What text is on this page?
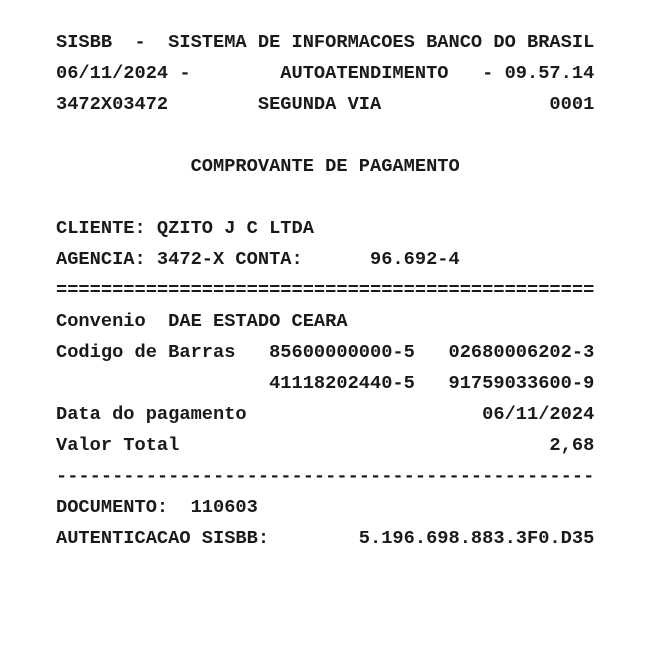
SISBB  -  SISTEMA DE INFORMACOES BANCO DO BRASIL
06/11/2024 -        AUTOATENDIMENTO   - 09.57.14
3472X03472        SEGUNDA VIA               0001
COMPROVANTE DE PAGAMENTO
CLIENTE: QZITO J C LTDA
AGENCIA: 3472-X CONTA:      96.692-4
================================================
Convenio  DAE ESTADO CEARA
Codigo de Barras   85600000000-5   02680006202-3
41118202440-5   91759033600-9
Data do pagamento                     06/11/2024
Valor Total                                 2,68
------------------------------------------------
DOCUMENTO:  110603
AUTENTICACAO SISBB:        5.196.698.883.3F0.D35
